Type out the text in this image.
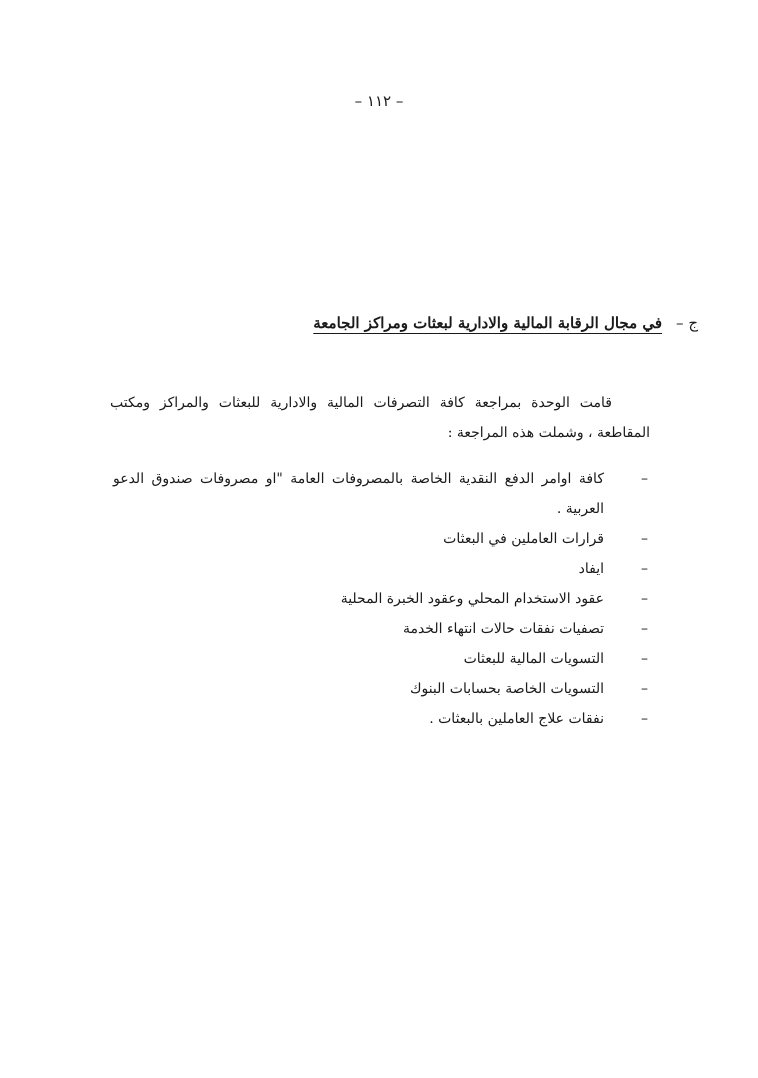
– ١١٢ –
ج –
في مجال الرقابة المالية والادارية لبعثات ومراكز الجامعة

قامت الوحدة بمراجعة كافة التصرفات المالية والادارية للبعثات والمراكز ومكتب المقاطعة ، وشملت هذه المراجعة :

–
كافة اوامر الدفع النقدية الخاصة بالمصروفات العامة "او مصروفات صندوق الدعو العربية .
–
قرارات العاملين في البعثات
–
ايفاد
–
عقود الاستخدام المحلي وعقود الخبرة المحلية
–
تصفيات نفقات حالات انتهاء الخدمة
–
التسويات المالية للبعثات
–
التسويات الخاصة بحسابات البنوك
–
نفقات علاج العاملين بالبعثات .
